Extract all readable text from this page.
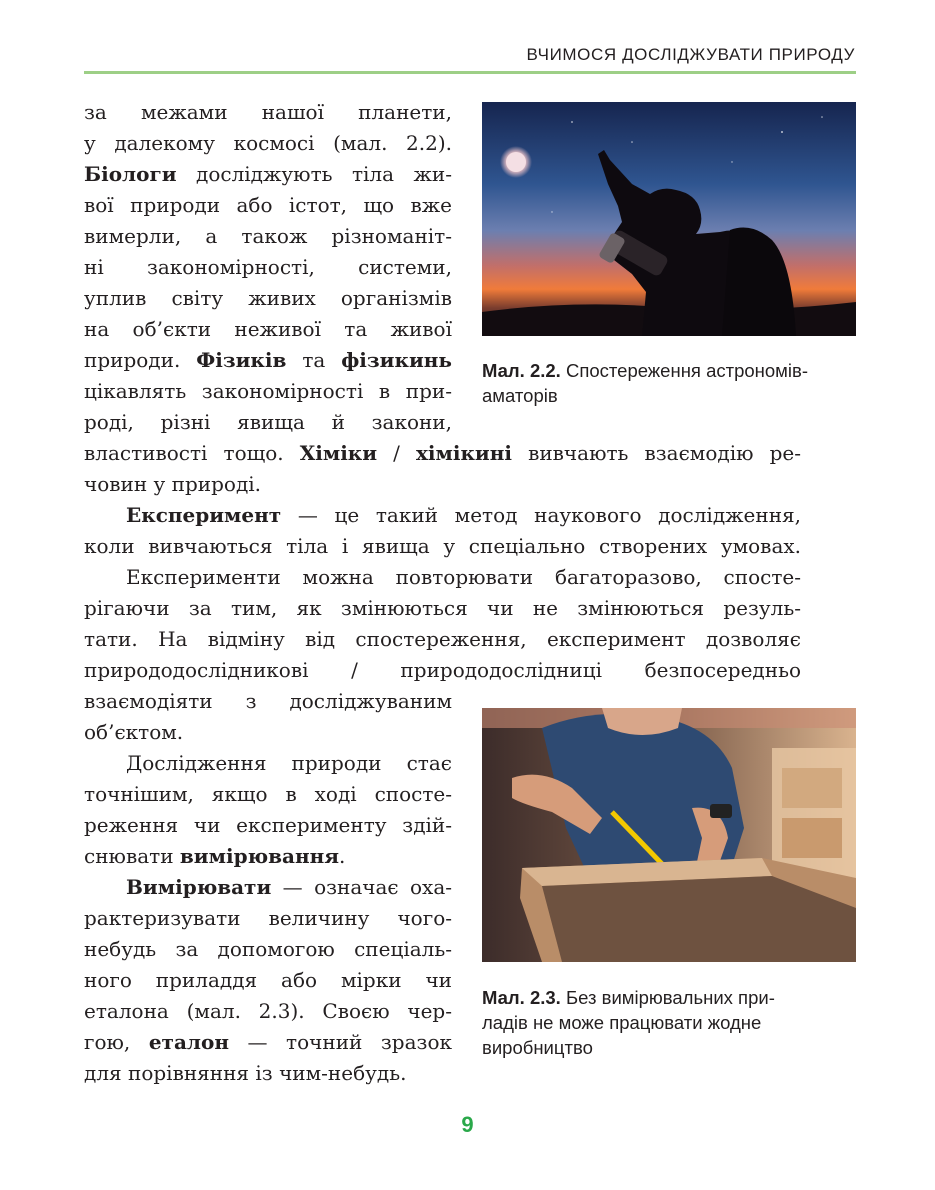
ВЧИМОСЯ ДОСЛІДЖУВАТИ ПРИРОДУ
за межами нашої планети,
у далекому космосі (мал. 2.2).
Біологи досліджують тіла жи-
вої природи або істот, що вже
вимерли, а також різноманіт-
ні закономірності, системи,
уплив світу живих організмів
на об’єкти неживої та живої
природи. Фізиків та фізикинь
цікавлять закономірності в при-
роді, різні явища й закони,
властивості тощо. Хіміки / хімікині вивчають взаємодію ре-
човин у природі.
Експеримент — це такий метод наукового дослідження,
коли вивчаються тіла і явища у спеціально створених умовах.
Експерименти можна повторювати багаторазово, спосте-
рігаючи за тим, як змінюються чи не змінюються резуль-
тати. На відміну від спостереження, експеримент дозволяє
природодослідникові / природодослідниці безпосередньо
взаємодіяти з досліджуваним
об’єктом.
Дослідження природи стає
точнішим, якщо в ході спостe-
реження чи експерименту здій-
снювати вимірювання.
Вимірювати — означає оха-
рактеризувати величину чого-
небудь за допомогою спеціаль-
ного приладдя або мірки чи
еталона (мал. 2.3). Своєю чер-
гою, еталон — точний зразок
для порівняння із чим-небудь.
Мал. 2.2. Спостереження астрономів-
аматорів
Мал. 2.3. Без вимірювальних при-
ладів не може працювати жодне
виробництво
9
